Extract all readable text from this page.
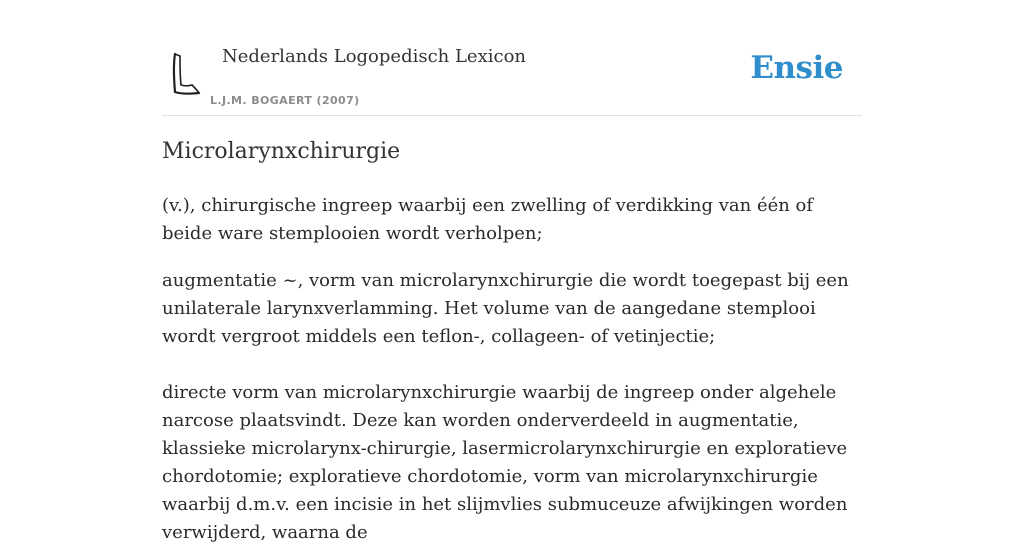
Nederlands Logopedisch Lexicon
L.J.M. BOGAERT (2007)
Ensie
Microlarynxchirurgie

(v.), chirurgische ingreep waarbij een zwelling of verdikking van één of beide ware stemplooien wordt verholpen;

augmentatie ~, vorm van microlarynxchirurgie die wordt toegepast bij een unilaterale larynxverlamming. Het volume van de aangedane stemplooi wordt vergroot middels een teflon-, collageen- of vetinjectie;

directe vorm van microlarynxchirurgie waarbij de ingreep onder algehele narcose plaatsvindt. Deze kan worden onderverdeeld in augmentatie, klassieke microlarynx-chirurgie, lasermicrolarynxchirurgie en exploratieve chordotomie; exploratieve chordotomie, vorm van microlarynxchirurgie waarbij d.m.v. een incisie in het slijmvlies submuceuze afwijkingen worden verwijderd, waarna de
